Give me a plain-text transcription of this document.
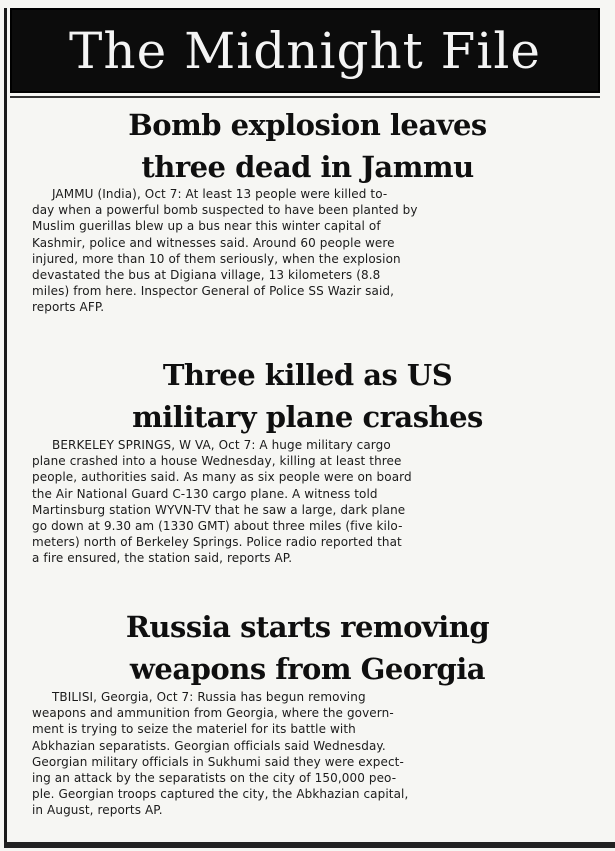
The Midnight File
Bomb explosion leaves
three dead in Jammu
JAMMU (India), Oct 7: At least 13 people were killed to-
day when a powerful bomb suspected to have been planted by
Muslim guerillas blew up a bus near this winter capital of
Kashmir, police and witnesses said. Around 60 people were
injured, more than 10 of them seriously, when the explosion
devastated the bus at Digiana village, 13 kilometers (8.8
miles) from here. Inspector General of Police SS Wazir said,
reports AFP.
Three killed as US
military plane crashes
BERKELEY SPRINGS, W VA, Oct 7: A huge military cargo
plane crashed into a house Wednesday, killing at least three
people, authorities said. As many as six people were on board
the Air National Guard C-130 cargo plane. A witness told
Martinsburg station WYVN-TV that he saw a large, dark plane
go down at 9.30 am (1330 GMT) about three miles (five kilo-
meters) north of Berkeley Springs. Police radio reported that
a fire ensured, the station said, reports AP.
Russia starts removing
weapons from Georgia
TBILISI, Georgia, Oct 7: Russia has begun removing
weapons and ammunition from Georgia, where the govern-
ment is trying to seize the materiel for its battle with
Abkhazian separatists. Georgian officials said Wednesday.
Georgian military officials in Sukhumi said they were expect-
ing an attack by the separatists on the city of 150,000 peo-
ple. Georgian troops captured the city, the Abkhazian capital,
in August, reports AP.
